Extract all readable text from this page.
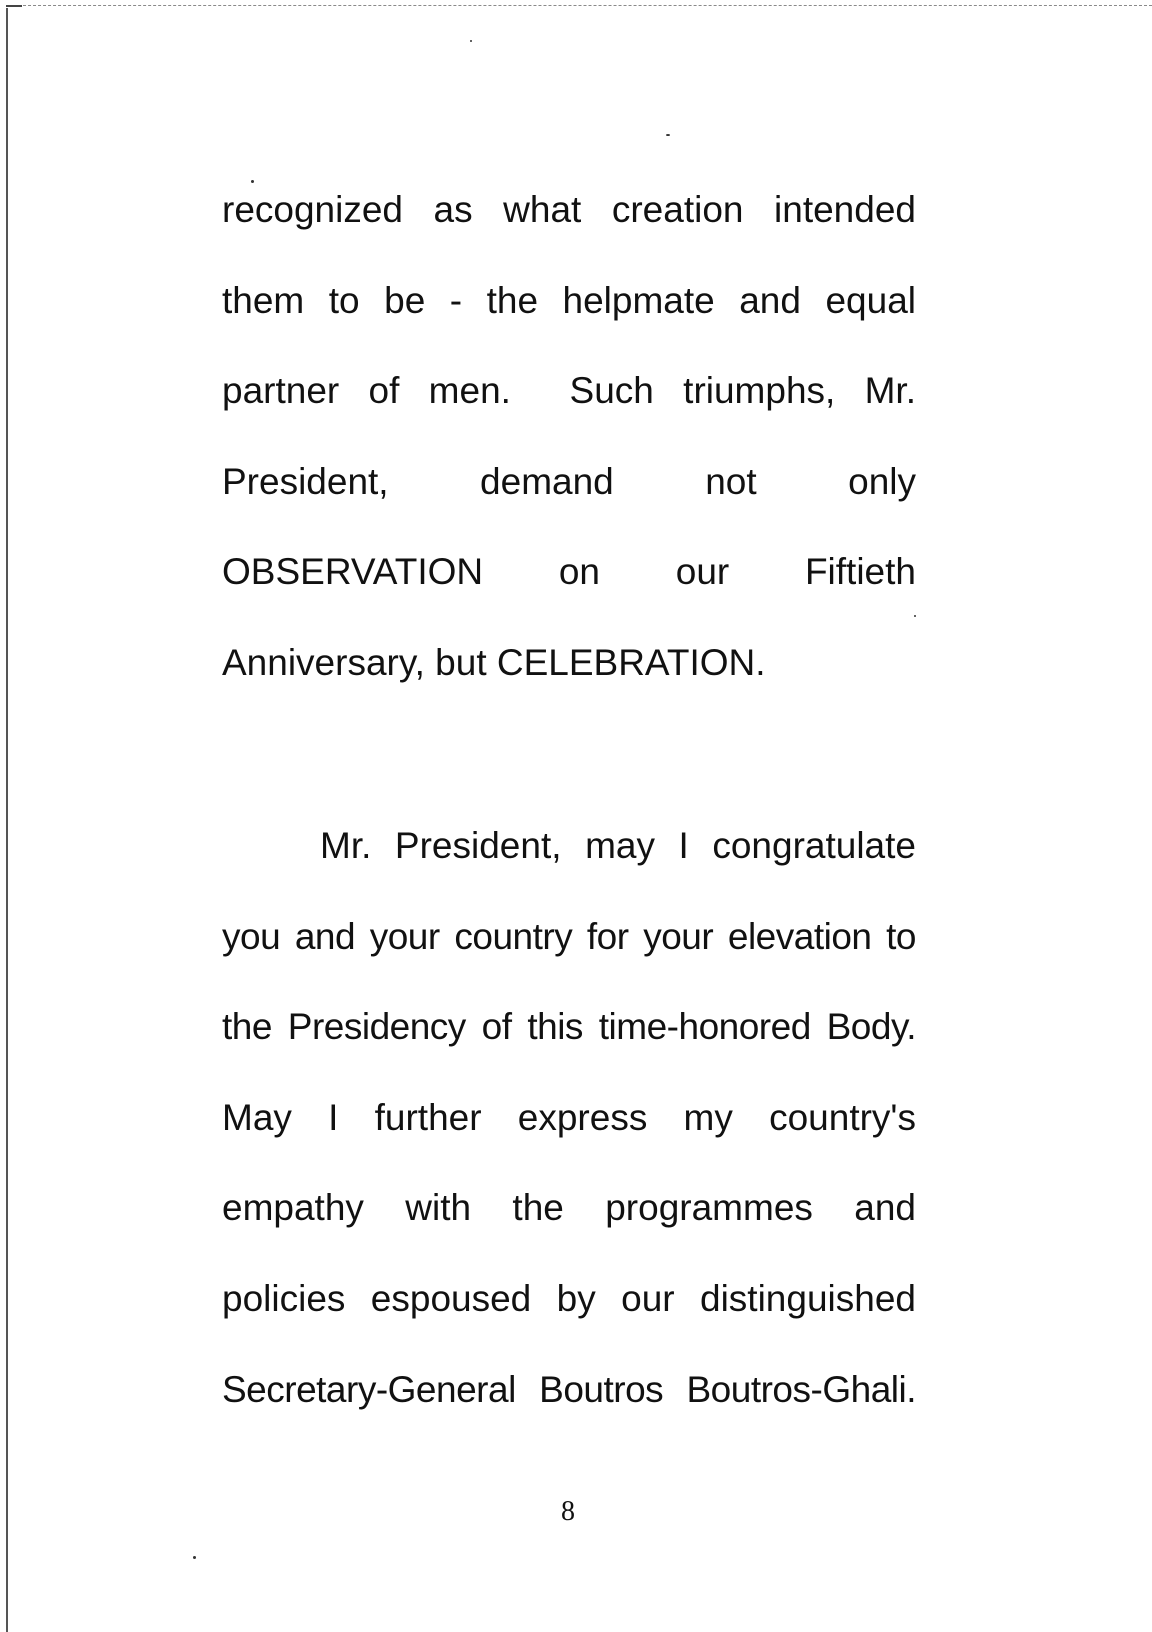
recognized as what creation intended
them to be - the helpmate and equal
partner of men.  Such triumphs, Mr.
President, demand not only
OBSERVATION on our Fiftieth
Anniversary, but CELEBRATION.
Mr. President, may I congratulate
you and your country for your elevation to
the Presidency of this time-honored Body.
May I further express my country's
empathy with the programmes and
policies espoused by our distinguished
Secretary-General Boutros Boutros-Ghali.
8
